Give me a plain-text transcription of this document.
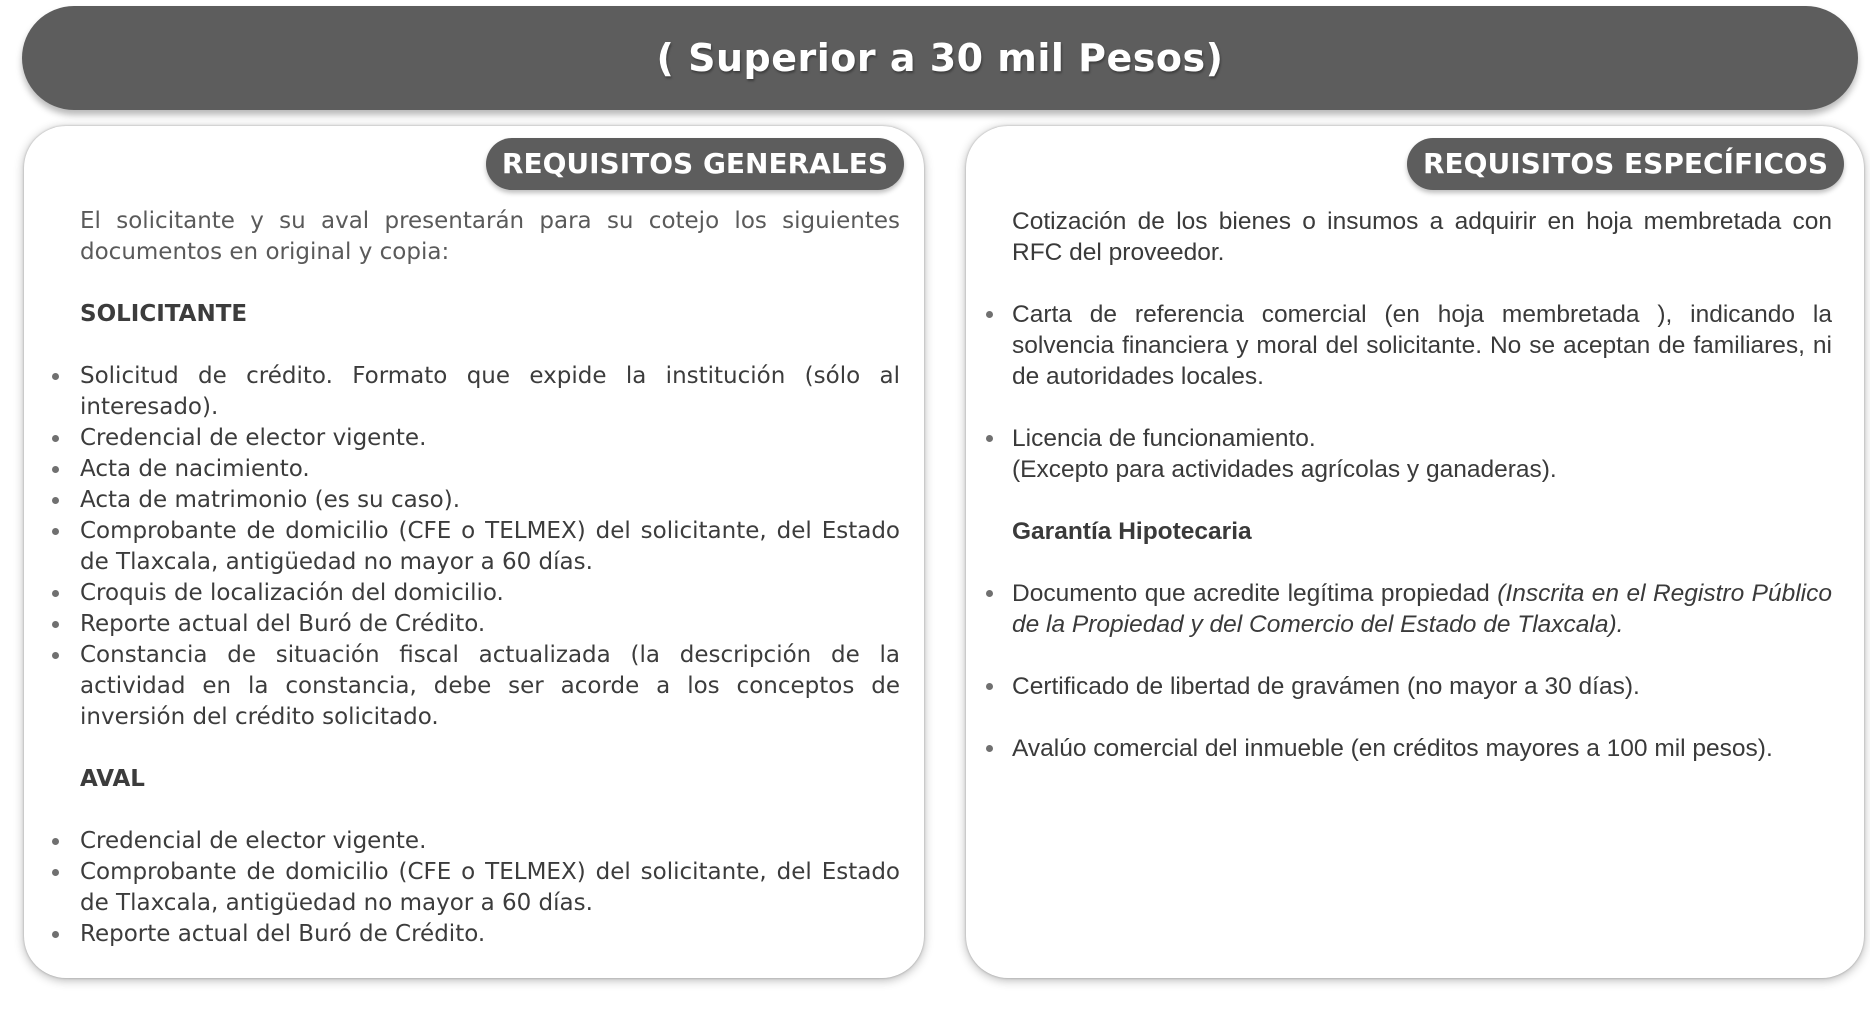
( Superior a 30 mil Pesos)
REQUISITOS GENERALES

El solicitante y su aval presentarán para su cotejo los siguientes documentos en original y copia:

SOLICITANTE

Solicitud de crédito. Formato que expide la institución (sólo al interesado).
Credencial de elector vigente.
Acta de nacimiento.
Acta de matrimonio (es su caso).
Comprobante de domicilio (CFE o TELMEX) del solicitante, del Estado de Tlaxcala, antigüedad no mayor a 60 días.
Croquis de localización del domicilio.
Reporte actual del Buró de Crédito.
Constancia de situación fiscal actualizada (la descripción de la actividad en la constancia, debe ser acorde a los conceptos de inversión del crédito solicitado.

AVAL

Credencial de elector vigente.
Comprobante de domicilio (CFE o TELMEX) del solicitante, del Estado de Tlaxcala, antigüedad no mayor a 60 días.
Reporte actual del Buró de Crédito.
REQUISITOS ESPECÍFICOS

Cotización de los bienes o insumos a adquirir en hoja membretada con RFC del proveedor.

Carta de referencia comercial (en hoja membretada ), indicando la solvencia financiera y moral del solicitante. No se aceptan de familiares, ni de autoridades locales.
Licencia de funcionamiento.
(Excepto para actividades agrícolas y ganaderas).

Garantía Hipotecaria

Documento que acredite legítima propiedad (Inscrita en el Registro Público de la Propiedad y del Comercio del Estado de Tlaxcala).
Certificado de libertad de gravámen (no mayor a 30 días).
Avalúo comercial del inmueble (en créditos mayores a 100 mil pesos).
